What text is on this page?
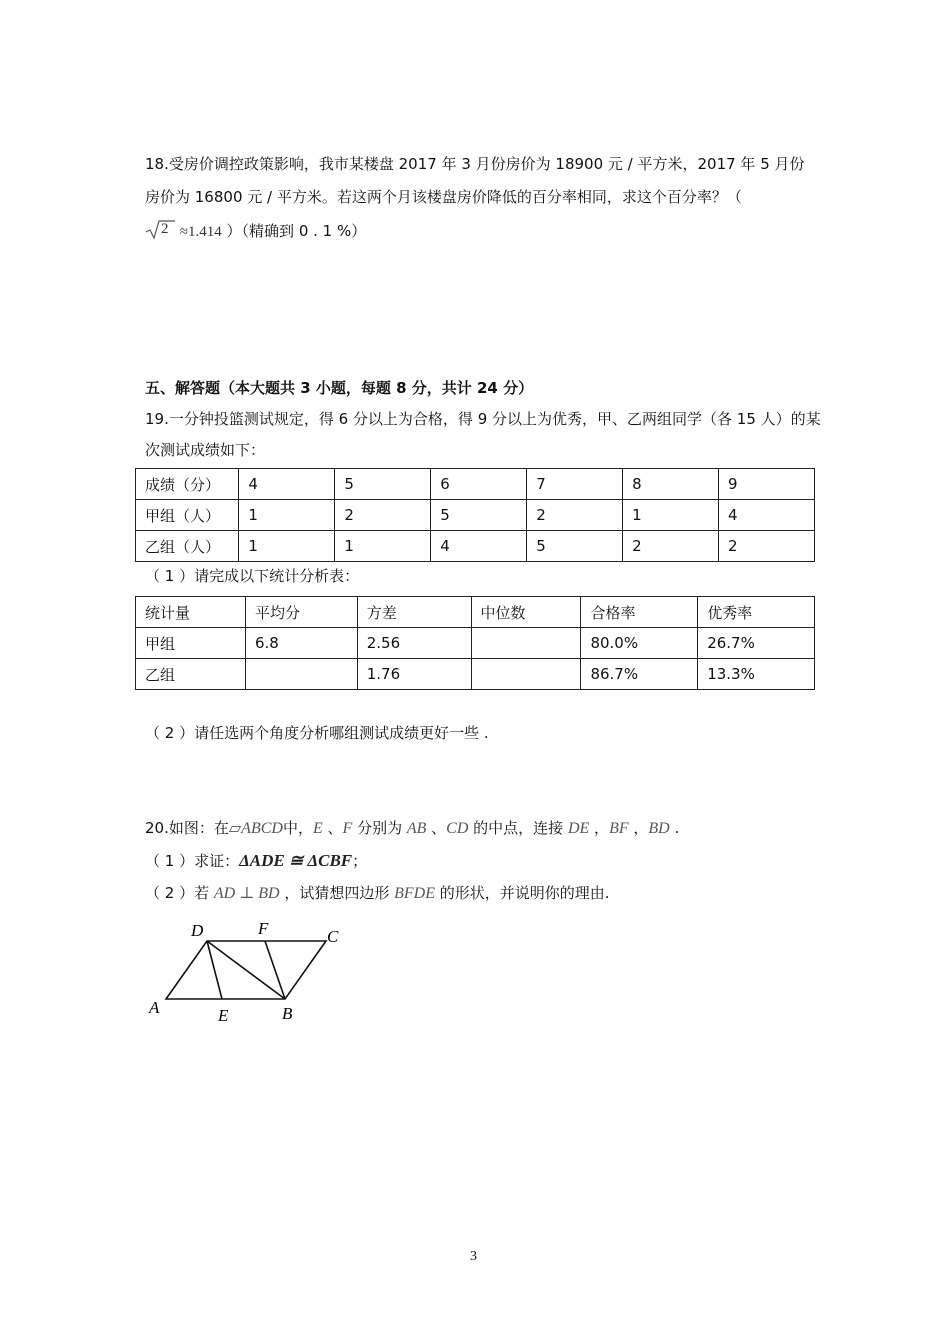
18.受房价调控政策影响，我市某楼盘 2017 年 3 月份房价为 18900 元 / 平方米，2017 年 5 月份
房价为 16800 元 / 平方米。若这两个月该楼盘房价降低的百分率相同，求这个百分率？（
2 ≈1.414 ）（精确到 0 . 1 %）
五、解答题（本大题共 3 小题，每题 8 分，共计 24 分）
19.一分钟投篮测试规定，得 6 分以上为合格，得 9 分以上为优秀，甲、乙两组同学（各 15 人）的某
次测试成绩如下：
成绩（分）	4	5	6	7	8	9
甲组（人）	1	2	5	2	1	4
乙组（人）	1	1	4	5	2	2
（ 1 ）请完成以下统计分析表：
统计量	平均分	方差	中位数	合格率	优秀率
甲组	6.8	2.56		80.0%	26.7%
乙组		1.76		86.7%	13.3%
（ 2 ）请任选两个角度分析哪组测试成绩更好一些 .
20.如图：在▱ABCD中，E 、F 分别为 AB 、CD 的中点，连接 DE ，BF ，BD .
（ 1 ）求证：ΔADE ≅ ΔCBF；
（ 2 ）若 AD ⊥ BD ，试猜想四边形 BFDE 的形状，并说明你的理由.
D	F	C
A	E	B
3
